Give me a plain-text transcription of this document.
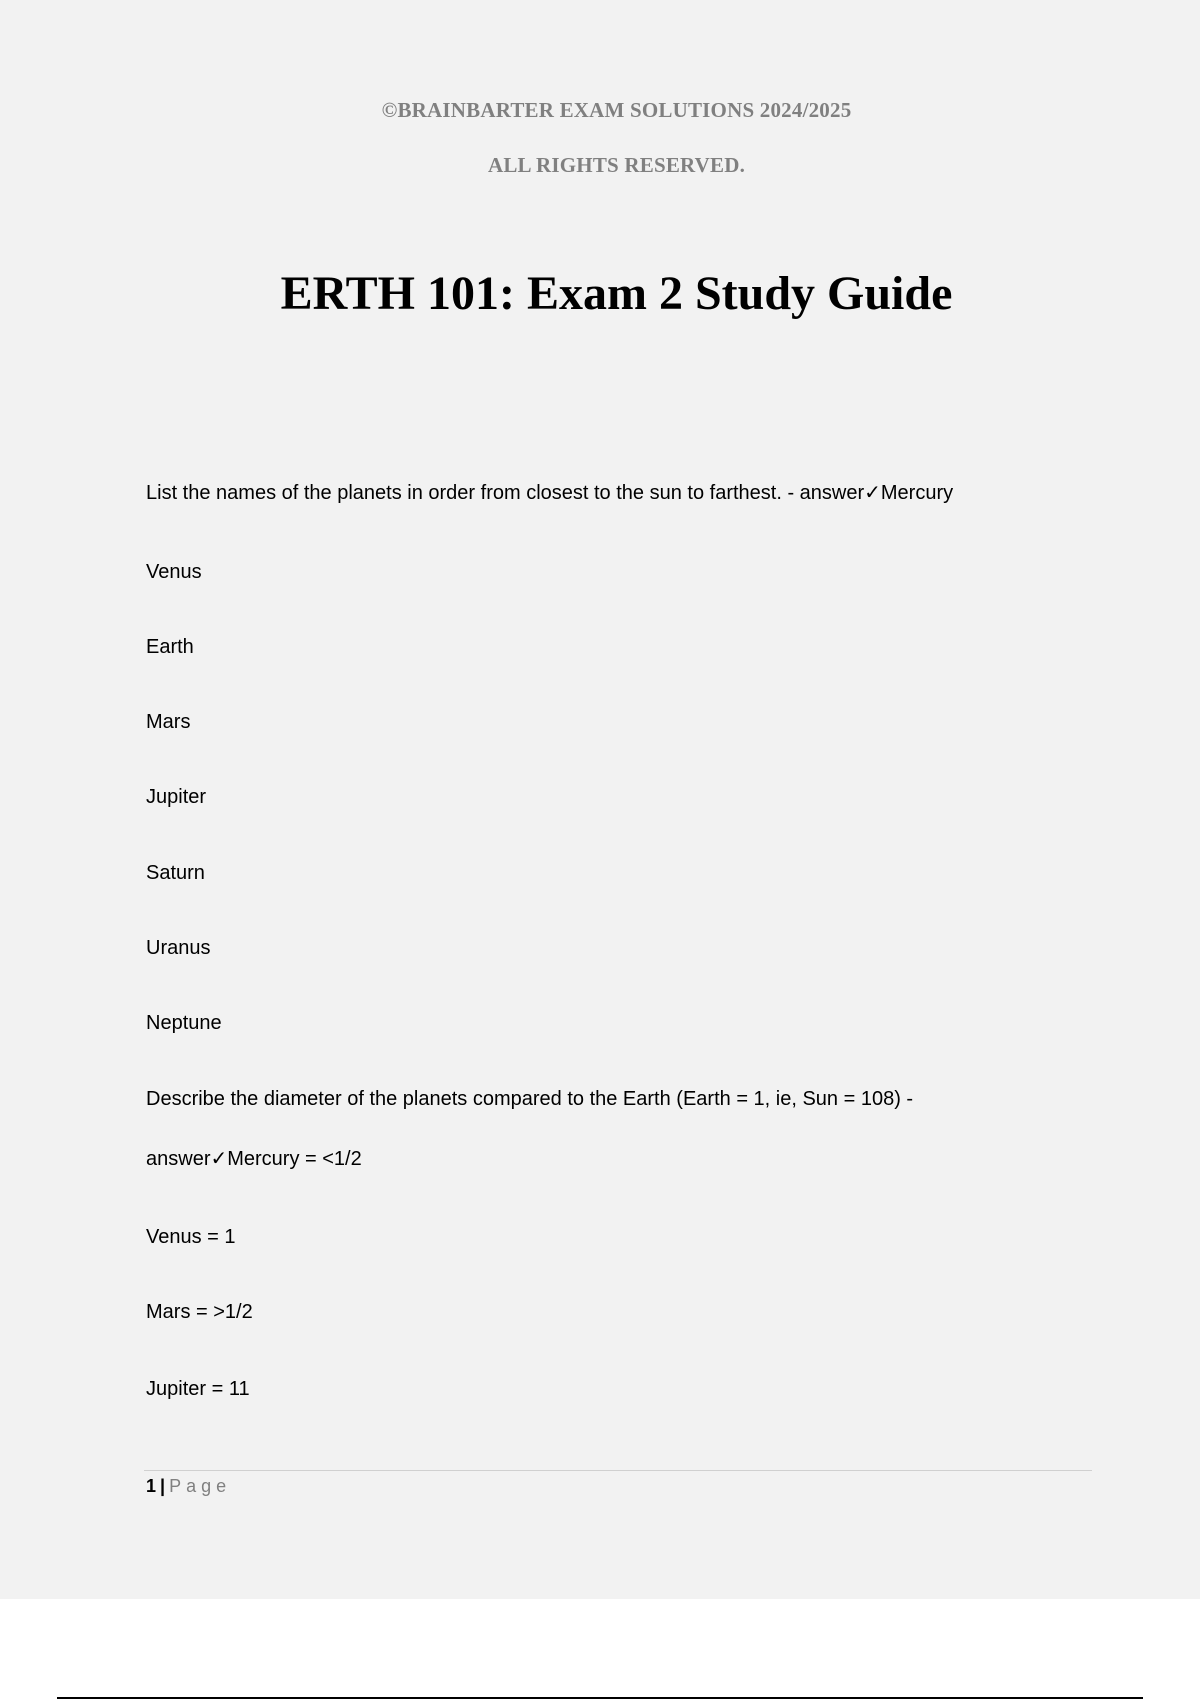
©BRAINBARTER EXAM SOLUTIONS 2024/2025
ALL RIGHTS RESERVED.
ERTH 101: Exam 2 Study Guide
List the names of the planets in order from closest to the sun to farthest. - answer✓Mercury
Venus
Earth
Mars
Jupiter
Saturn
Uranus
Neptune
Describe the diameter of the planets compared to the Earth (Earth = 1, ie, Sun = 108) -
answer✓Mercury = <1/2
Venus = 1
Mars = >1/2
Jupiter = 11
1 | Page
